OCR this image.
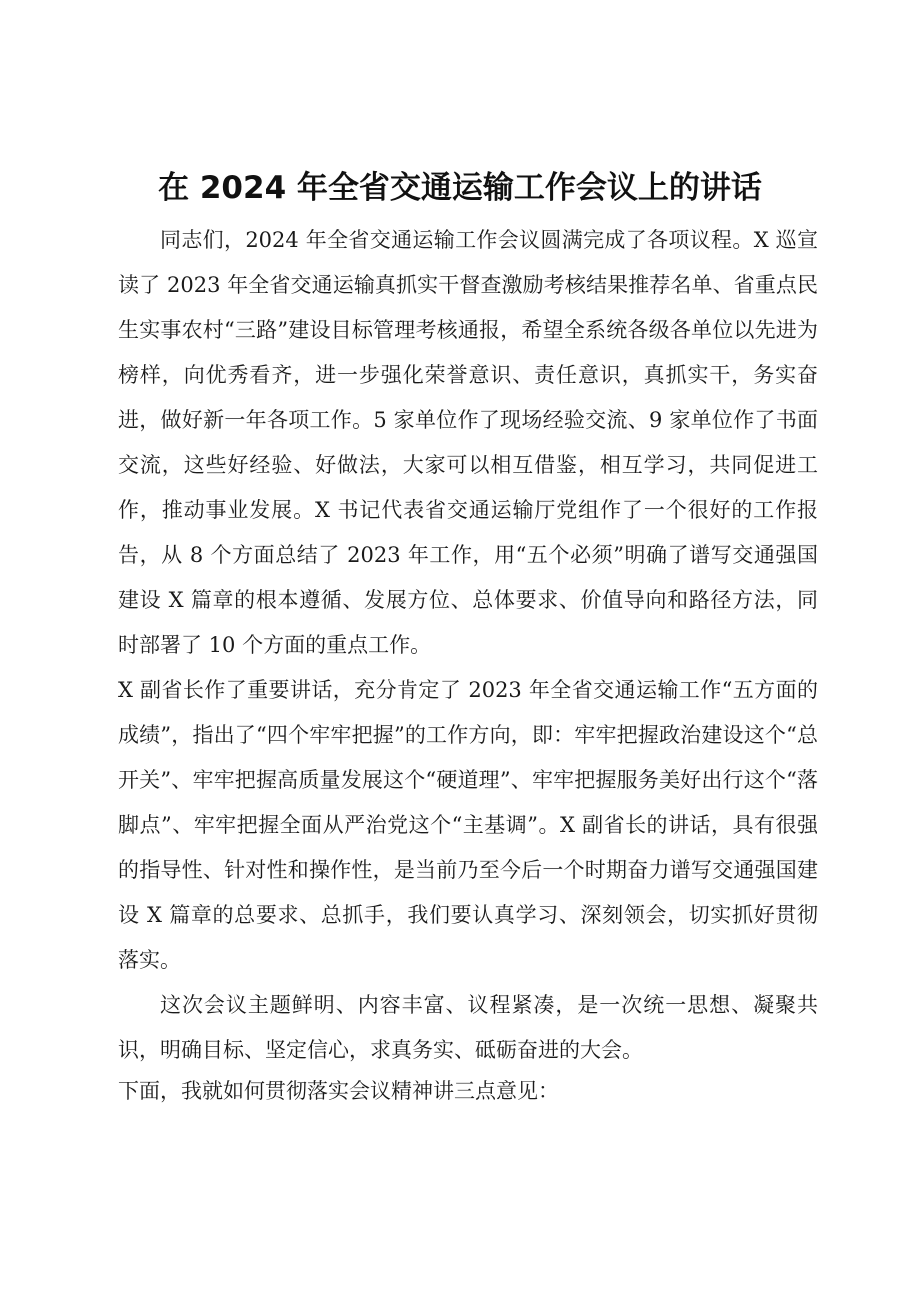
在 2024 年全省交通运输工作会议上的讲话

同志们，2024 年全省交通运输工作会议圆满完成了各项议程。X 巡宣读了 2023 年全省交通运输真抓实干督查激励考核结果推荐名单、省重点民生实事农村“三路”建设目标管理考核通报，希望全系统各级各单位以先进为榜样，向优秀看齐，进一步强化荣誉意识、责任意识，真抓实干，务实奋进，做好新一年各项工作。5 家单位作了现场经验交流、9 家单位作了书面交流，这些好经验、好做法，大家可以相互借鉴，相互学习，共同促进工作，推动事业发展。X 书记代表省交通运输厅党组作了一个很好的工作报告，从 8 个方面总结了 2023 年工作，用“五个必须”明确了谱写交通强国建设 X 篇章的根本遵循、发展方位、总体要求、价值导向和路径方法，同时部署了 10 个方面的重点工作。

X 副省长作了重要讲话，充分肯定了 2023 年全省交通运输工作“五方面的成绩”，指出了“四个牢牢把握”的工作方向，即：牢牢把握政治建设这个“总开关”、牢牢把握高质量发展这个“硬道理”、牢牢把握服务美好出行这个“落脚点”、牢牢把握全面从严治党这个“主基调”。X 副省长的讲话，具有很强的指导性、针对性和操作性，是当前乃至今后一个时期奋力谱写交通强国建设 X 篇章的总要求、总抓手，我们要认真学习、深刻领会，切实抓好贯彻落实。

这次会议主题鲜明、内容丰富、议程紧凑，是一次统一思想、凝聚共识，明确目标、坚定信心，求真务实、砥砺奋进的大会。

下面，我就如何贯彻落实会议精神讲三点意见：
